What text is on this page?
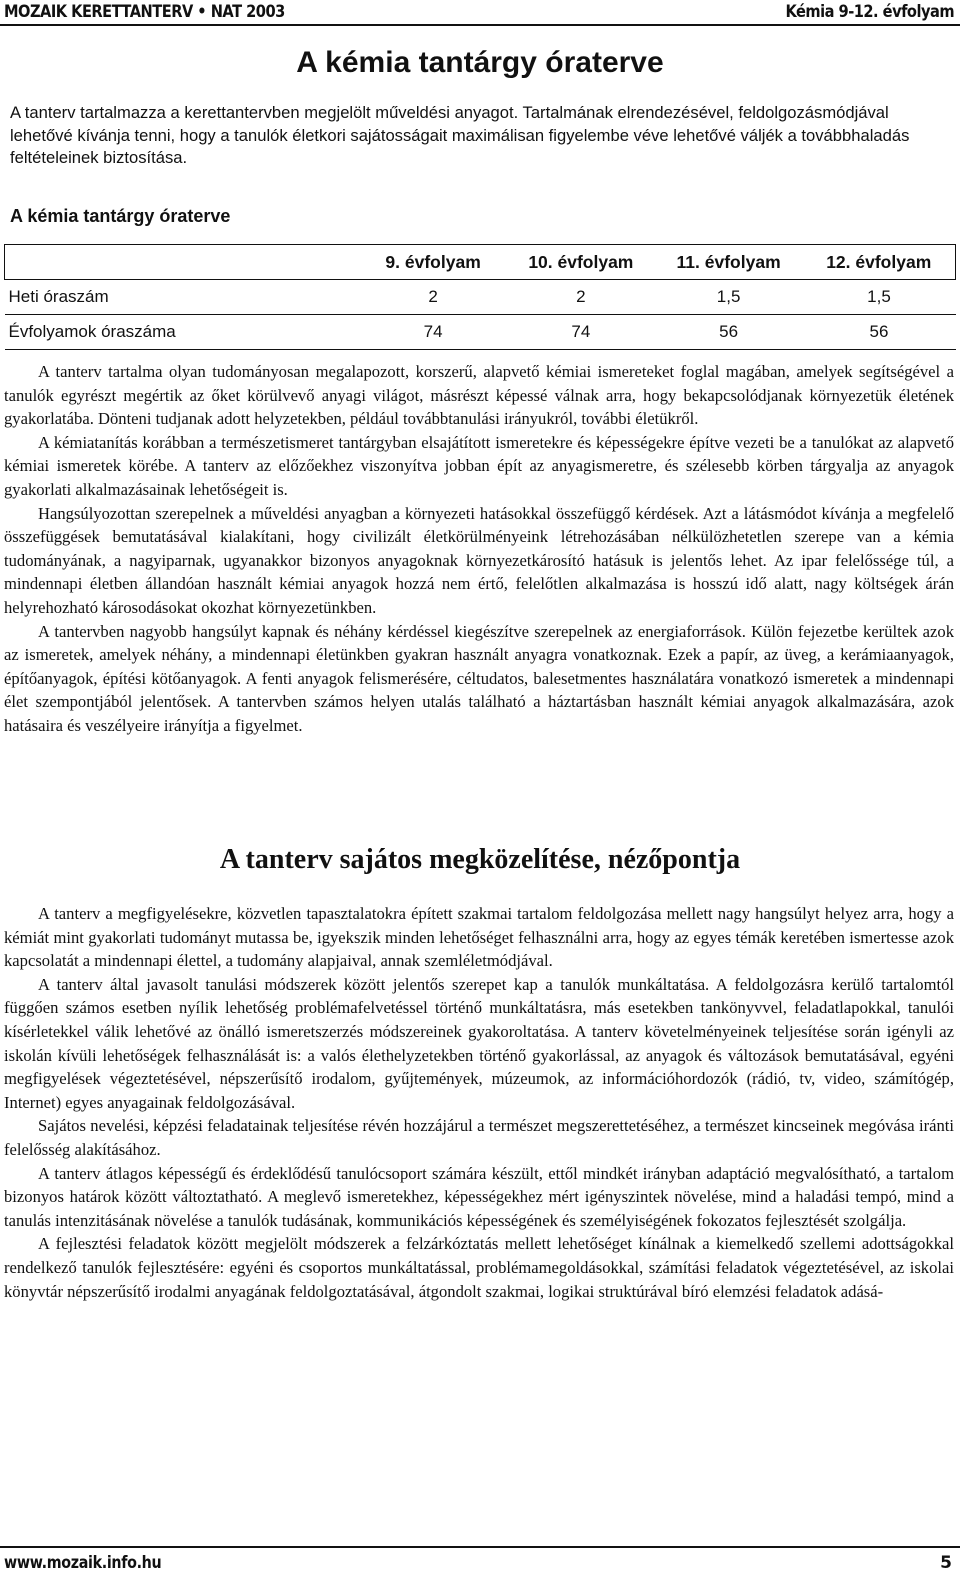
MOZAIK KERETTANTERV • NAT 2003	Kémia 9-12. évfolyam
A kémia tantárgy óraterve
A tanterv tartalmazza a kerettantervben megjelölt műveldési anyagot. Tartalmának elrendezésével, feldolgozásmódjával lehetővé kívánja tenni, hogy a tanulók életkori sajátosságait maximálisan figyelembe véve lehetővé váljék a továbbhaladás feltételeinek biztosítása.
A kémia tantárgy óraterve
	9. évfolyam	10. évfolyam	11. évfolyam	12. évfolyam
Heti óraszám	2	2	1,5	1,5
Évfolyamok óraszáma	74	74	56	56

A tanterv tartalma olyan tudományosan megalapozott, korszerű, alapvető kémiai ismereteket foglal magában, amelyek segítségével a tanulók egyrészt megértik az őket körülvevő anyagi világot, másrészt képessé válnak arra, hogy bekapcsolódjanak környezetük életének gyakorlatába. Dönteni tudjanak adott helyzetekben, például továbbtanulási irányukról, további életükről.

A kémiatanítás korábban a természetismeret tantárgyban elsajátított ismeretekre és képességekre építve vezeti be a tanulókat az alapvető kémiai ismeretek körébe. A tanterv az előzőekhez viszonyítva jobban épít az anyagismeretre, és szélesebb körben tárgyalja az anyagok gyakorlati alkalmazásainak lehetőségeit is.

Hangsúlyozottan szerepelnek a műveldési anyagban a környezeti hatásokkal összefüggő kérdések. Azt a látásmódot kívánja a megfelelő összefüggések bemutatásával kialakítani, hogy civilizált életkörülményeink létrehozásában nélkülözhetetlen szerepe van a kémia tudományának, a nagyiparnak, ugyanakkor bizonyos anyagoknak környezetkárosító hatásuk is jelentős lehet. Az ipar felelőssége túl, a mindennapi életben állandóan használt kémiai anyagok hozzá nem értő, felelőtlen alkalmazása is hosszú idő alatt, nagy költségek árán helyrehozható károsodásokat okozhat környezetünkben.

A tantervben nagyobb hangsúlyt kapnak és néhány kérdéssel kiegészítve szerepelnek az energiaforrások. Külön fejezetbe kerültek azok az ismeretek, amelyek néhány, a mindennapi életünkben gyakran használt anyagra vonatkoznak. Ezek a papír, az üveg, a kerámiaanyagok, építőanyagok, építési kötőanyagok. A fenti anyagok felismerésére, céltudatos, balesetmentes használatára vonatkozó ismeretek a mindennapi élet szempontjából jelentősek. A tantervben számos helyen utalás található a háztartásban használt kémiai anyagok alkalmazására, azok hatásaira és veszélyeire irányítja a figyelmet.

A tanterv sajátos megközelítése, nézőpontja

A tanterv a megfigyelésekre, közvetlen tapasztalatokra épített szakmai tartalom feldolgozása mellett nagy hangsúlyt helyez arra, hogy a kémiát mint gyakorlati tudományt mutassa be, igyekszik minden lehetőséget felhasználni arra, hogy az egyes témák keretében ismertesse azok kapcsolatát a mindennapi élettel, a tudomány alapjaival, annak szemléletmódjával.

A tanterv által javasolt tanulási módszerek között jelentős szerepet kap a tanulók munkáltatása. A feldolgozásra kerülő tartalomtól függően számos esetben nyílik lehetőség problémafelvetéssel történő munkáltatásra, más esetekben tankönyvvel, feladatlapokkal, tanulói kísérletekkel válik lehetővé az önálló ismeretszerzés módszereinek gyakoroltatása. A tanterv követelményeinek teljesítése során igényli az iskolán kívüli lehetőségek felhasználását is: a valós élethelyzetekben történő gyakorlással, az anyagok és változások bemutatásával, egyéni megfigyelések végeztetésével, népszerűsítő irodalom, gyűjtemények, múzeumok, az információhordozók (rádió, tv, video, számítógép, Internet) egyes anyagainak feldolgozásával.

Sajátos nevelési, képzési feladatainak teljesítése révén hozzájárul a természet megszerettetéséhez, a természet kincseinek megóvása iránti felelősség alakításához.

A tanterv átlagos képességű és érdeklődésű tanulócsoport számára készült, ettől mindkét irányban adaptáció megvalósítható, a tartalom bizonyos határok között változtatható. A meglevő ismeretekhez, képességekhez mért igényszintek növelése, mind a haladási tempó, mind a tanulás intenzitásának növelése a tanulók tudásának, kommunikációs képességének és személyiségének fokozatos fejlesztését szolgálja.

A fejlesztési feladatok között megjelölt módszerek a felzárkóztatás mellett lehetőséget kínálnak a kiemelkedő szellemi adottságokkal rendelkező tanulók fejlesztésére: egyéni és csoportos munkáltatással, problémamegoldásokkal, számítási feladatok végeztetésével, az iskolai könyvtár népszerűsítő irodalmi anyagának feldolgoztatásával, átgondolt szakmai, logikai struktúrával bíró elemzési feladatok adásá-

www.mozaik.info.hu	5
